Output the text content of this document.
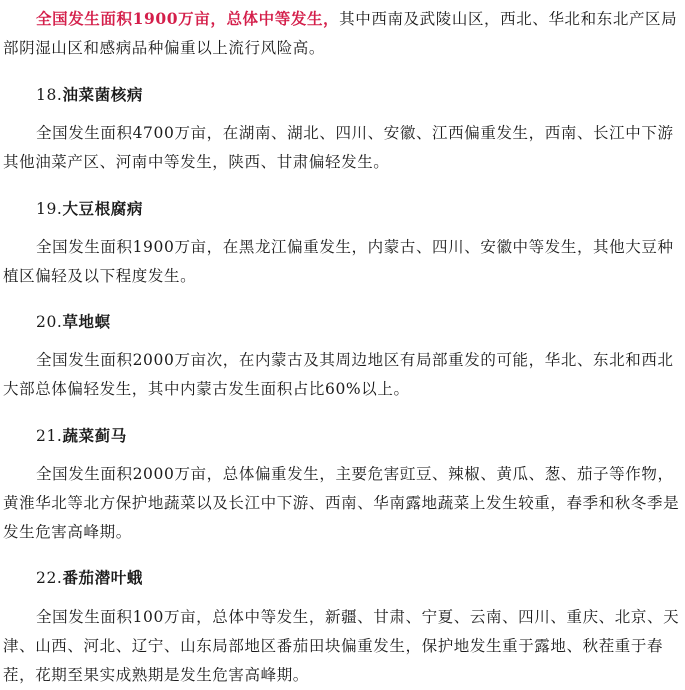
全国发生面积1900万亩，总体中等发生，其中西南及武陵山区，西北、华北和东北产区局部阴湿山区和感病品种偏重以上流行风险高。

18.油菜菌核病

全国发生面积4700万亩，在湖南、湖北、四川、安徽、江西偏重发生，西南、长江中下游其他油菜产区、河南中等发生，陕西、甘肃偏轻发生。

19.大豆根腐病

全国发生面积1900万亩，在黑龙江偏重发生，内蒙古、四川、安徽中等发生，其他大豆种植区偏轻及以下程度发生。

20.草地螟

全国发生面积2000万亩次，在内蒙古及其周边地区有局部重发的可能，华北、东北和西北大部总体偏轻发生，其中内蒙古发生面积占比60%以上。

21.蔬菜蓟马

全国发生面积2000万亩，总体偏重发生，主要危害豇豆、辣椒、黄瓜、葱、茄子等作物，黄淮华北等北方保护地蔬菜以及长江中下游、西南、华南露地蔬菜上发生较重，春季和秋冬季是发生危害高峰期。

22.番茄潜叶蛾

全国发生面积100万亩，总体中等发生，新疆、甘肃、宁夏、云南、四川、重庆、北京、天津、山西、河北、辽宁、山东局部地区番茄田块偏重发生，保护地发生重于露地、秋茬重于春茬，花期至果实成熟期是发生危害高峰期。
